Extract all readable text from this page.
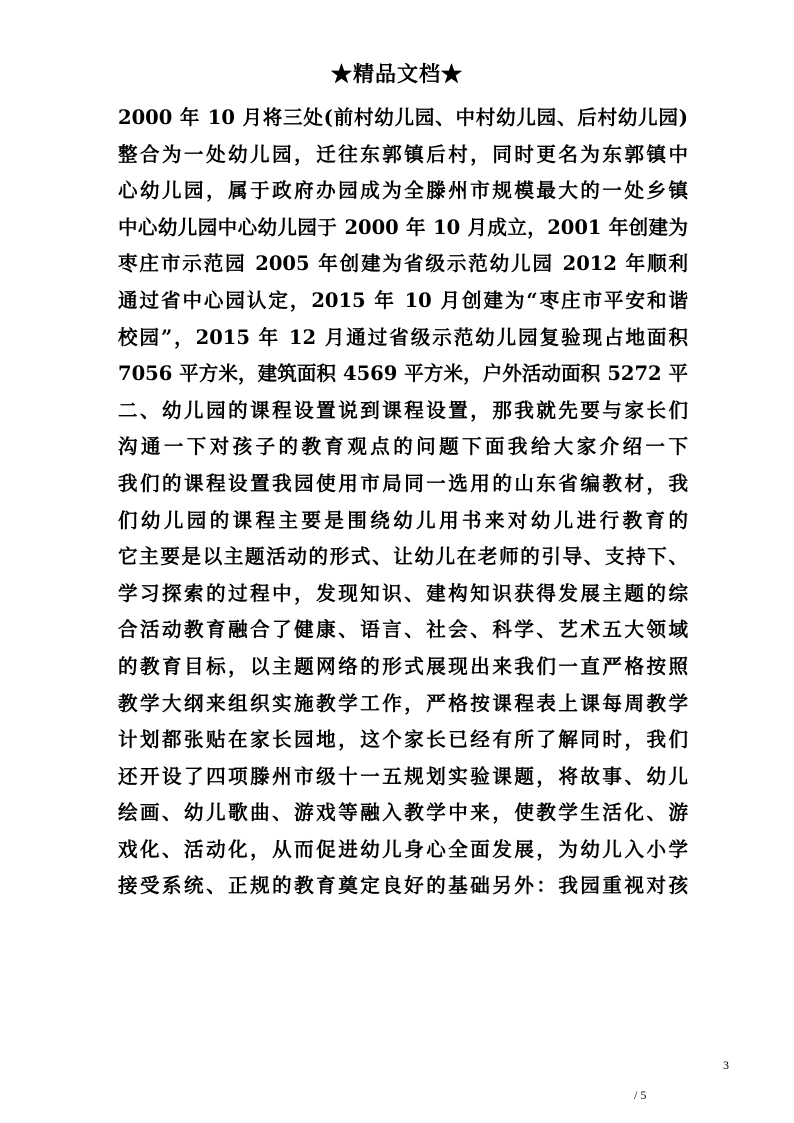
★精品文档★
2000 年 10 月将三处(前村幼儿园、中村幼儿园、后村幼儿园)
整合为一处幼儿园，迁往东郭镇后村，同时更名为东郭镇中
心幼儿园，属于政府办园成为全滕州市规模最大的一处乡镇
中心幼儿园中心幼儿园于 2000 年 10 月成立，2001 年创建为
枣庄市示范园 2005 年创建为省级示范幼儿园 2012 年顺利
通过省中心园认定，2015 年 10 月创建为“枣庄市平安和谐
校园”，2015 年 12 月通过省级示范幼儿园复验现占地面积
7056 平方米，建筑面积 4569 平方米，户外活动面积 5272 平
二、幼儿园的课程设置说到课程设置，那我就先要与家长们
沟通一下对孩子的教育观点的问题下面我给大家介绍一下
我们的课程设置我园使用市局同一选用的山东省编教材，我
们幼儿园的课程主要是围绕幼儿用书来对幼儿进行教育的
它主要是以主题活动的形式、让幼儿在老师的引导、支持下、
学习探索的过程中，发现知识、建构知识获得发展主题的综
合活动教育融合了健康、语言、社会、科学、艺术五大领域
的教育目标，以主题网络的形式展现出来我们一直严格按照
教学大纲来组织实施教学工作，严格按课程表上课每周教学
计划都张贴在家长园地，这个家长已经有所了解同时，我们
还开设了四项滕州市级十一五规划实验课题，将故事、幼儿
绘画、幼儿歌曲、游戏等融入教学中来，使教学生活化、游
戏化、活动化，从而促进幼儿身心全面发展，为幼儿入小学
接受系统、正规的教育奠定良好的基础另外：我园重视对孩
3
/ 5
